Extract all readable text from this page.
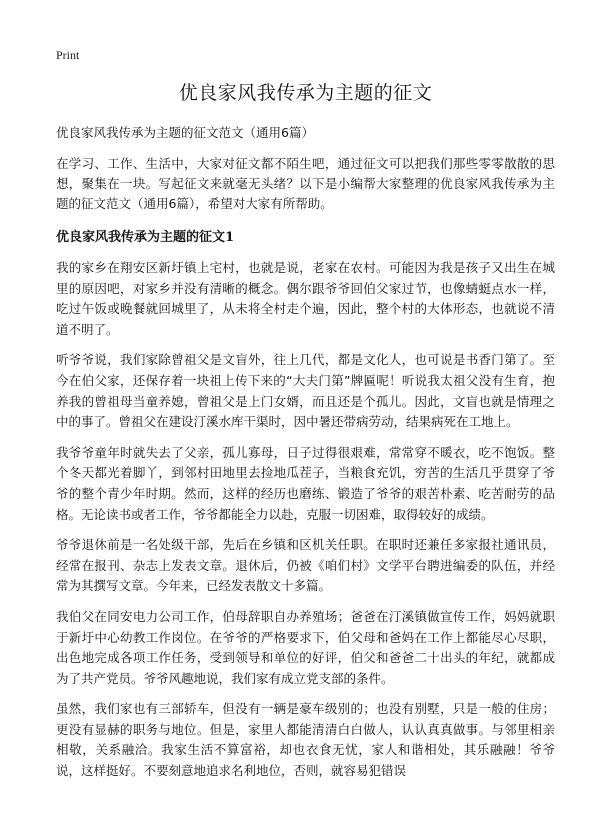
Print
优良家风我传承为主题的征文

优良家风我传承为主题的征文范文（通用6篇）

在学习、工作、生活中，大家对征文都不陌生吧，通过征文可以把我们那些零零散散的思想，聚集在一块。写起征文来就毫无头绪？以下是小编帮大家整理的优良家风我传承为主题的征文范文（通用6篇），希望对大家有所帮助。

优良家风我传承为主题的征文1

我的家乡在翔安区新圩镇上宅村，也就是说，老家在农村。可能因为我是孩子又出生在城里的原因吧，对家乡并没有清晰的概念。偶尔跟爷爷回伯父家过节，也像蜻蜓点水一样，吃过午饭或晚餐就回城里了，从未将全村走个遍，因此，整个村的大体形态，也就说不清道不明了。

听爷爷说，我们家除曾祖父是文盲外，往上几代，都是文化人，也可说是书香门第了。至今在伯父家，还保存着一块祖上传下来的“大夫门第”牌匾呢！听说我太祖父没有生育，抱养我的曾祖母当童养媳，曾祖父是上门女婿，而且还是个孤儿。因此，文盲也就是情理之中的事了。曾祖父在建设汀溪水库干渠时，因中暑还带病劳动，结果病死在工地上。

我爷爷童年时就失去了父亲，孤儿寡母，日子过得很艰难，常常穿不暖衣，吃不饱饭。整个冬天都光着脚丫，到邻村田地里去捡地瓜茬子，当粮食充饥，穷苦的生活几乎贯穿了爷爷的整个青少年时期。然而，这样的经历也磨练、锻造了爷爷的艰苦朴素、吃苦耐劳的品格。无论读书或者工作，爷爷都能全力以赴，克服一切困难，取得较好的成绩。

爷爷退休前是一名处级干部，先后在乡镇和区机关任职。在职时还兼任多家报社通讯员，经常在报刊、杂志上发表文章。退休后，仍被《咱们村》文学平台聘进编委的队伍，并经常为其撰写文章。今年来，已经发表散文十多篇。

我伯父在同安电力公司工作，伯母辞职自办养殖场；爸爸在汀溪镇做宣传工作，妈妈就职于新圩中心幼教工作岗位。在爷爷的严格要求下，伯父母和爸妈在工作上都能尽心尽职，出色地完成各项工作任务，受到领导和单位的好评，伯父和爸爸二十出头的年纪，就都成为了共产党员。爷爷风趣地说，我们家有成立党支部的条件。

虽然，我们家也有三部轿车，但没有一辆是豪车级别的；也没有别墅，只是一般的住房；更没有显赫的职务与地位。但是，家里人都能清清白白做人，认认真真做事。与邻里相亲相敬，关系融洽。我家生活不算富裕，却也衣食无忧，家人和谐相处，其乐融融！爷爷说，这样挺好。不要刻意地追求名利地位，否则，就容易犯错误
